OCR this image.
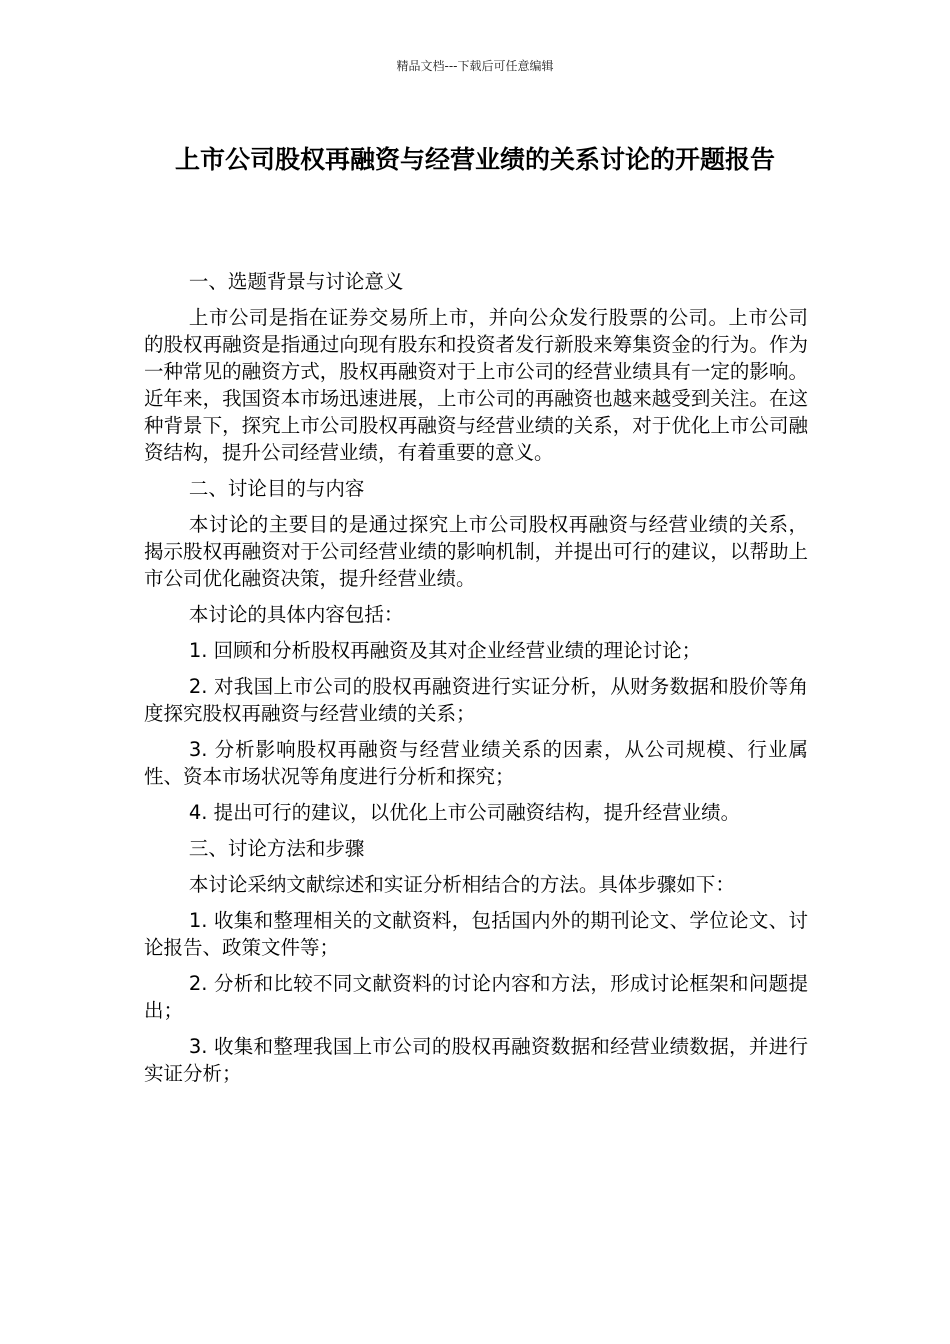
精品文档---下载后可任意编辑
上市公司股权再融资与经营业绩的关系讨论的开题报告

一、选题背景与讨论意义

上市公司是指在证券交易所上市，并向公众发行股票的公司。上市公司的股权再融资是指通过向现有股东和投资者发行新股来筹集资金的行为。作为一种常见的融资方式，股权再融资对于上市公司的经营业绩具有一定的影响。近年来，我国资本市场迅速进展，上市公司的再融资也越来越受到关注。在这种背景下，探究上市公司股权再融资与经营业绩的关系，对于优化上市公司融资结构，提升公司经营业绩，有着重要的意义。

二、讨论目的与内容

本讨论的主要目的是通过探究上市公司股权再融资与经营业绩的关系，揭示股权再融资对于公司经营业绩的影响机制，并提出可行的建议，以帮助上市公司优化融资决策，提升经营业绩。

本讨论的具体内容包括：

1. 回顾和分析股权再融资及其对企业经营业绩的理论讨论；

2. 对我国上市公司的股权再融资进行实证分析，从财务数据和股价等角度探究股权再融资与经营业绩的关系；

3. 分析影响股权再融资与经营业绩关系的因素，从公司规模、行业属性、资本市场状况等角度进行分析和探究；

4. 提出可行的建议，以优化上市公司融资结构，提升经营业绩。

三、讨论方法和步骤

本讨论采纳文献综述和实证分析相结合的方法。具体步骤如下：

1. 收集和整理相关的文献资料，包括国内外的期刊论文、学位论文、讨论报告、政策文件等；

2. 分析和比较不同文献资料的讨论内容和方法，形成讨论框架和问题提出；

3. 收集和整理我国上市公司的股权再融资数据和经营业绩数据，并进行实证分析；
